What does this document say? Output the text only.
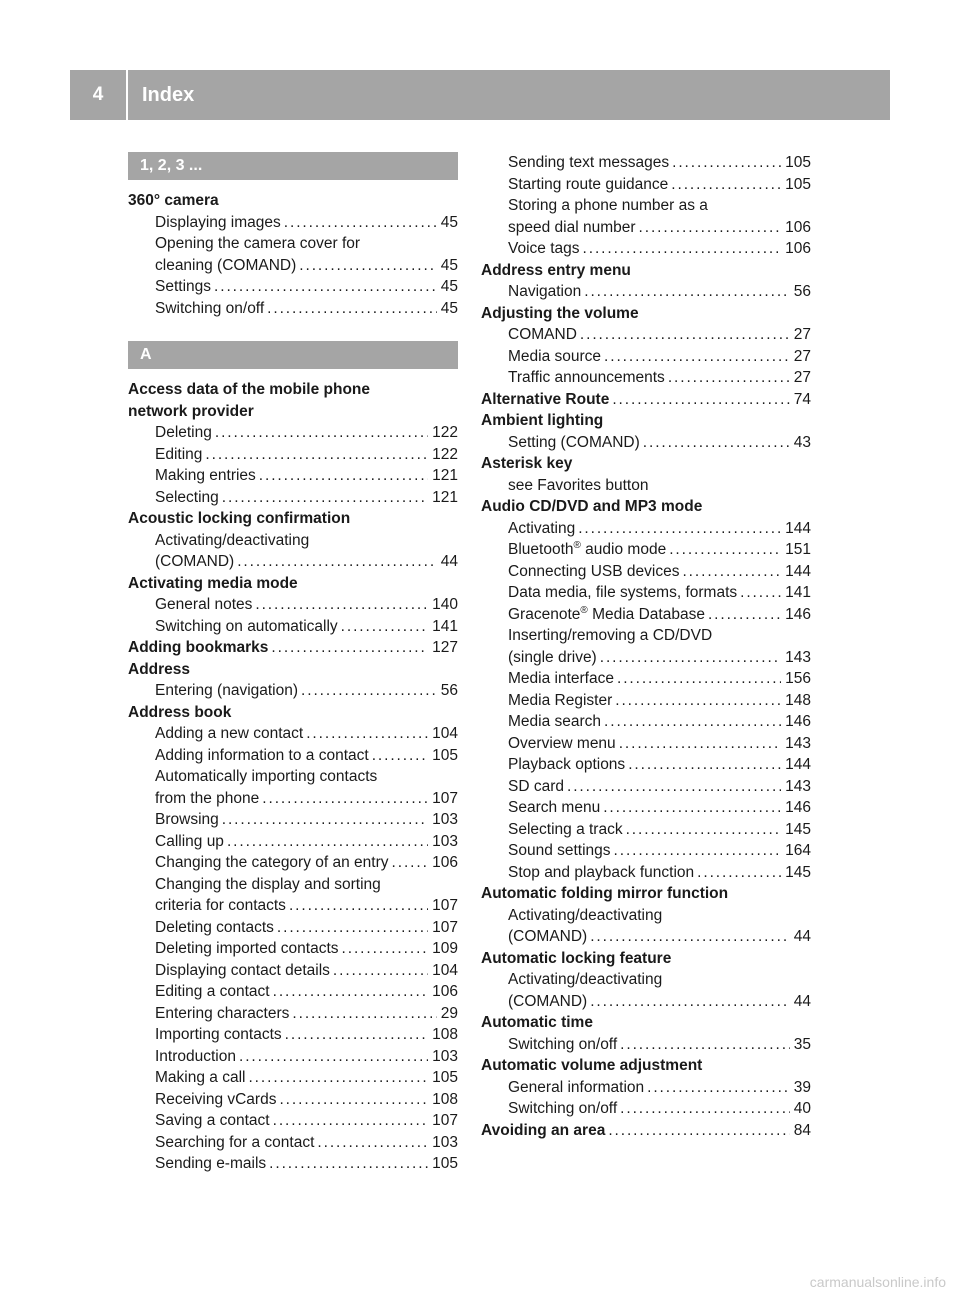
4	Index
1, 2, 3 ...
360° camera
Displaying images . . .	45
Opening the camera cover for
cleaning (COMAND) . . .	45
Settings . . .	45
Switching on/off . . .	45
A
Access data of the mobile phone
network provider
Deleting . . .	122
Editing . . .	122
Making entries . . .	121
Selecting . . .	121
Acoustic locking confirmation
Activating/deactivating
(COMAND) . . .	44
Activating media mode
General notes . . .	140
Switching on automatically . . .	141
Adding bookmarks . . .	127
Address
Entering (navigation) . . .	56
Address book
Adding a new contact . . .	104
Adding information to a contact . . .	105
Automatically importing contacts
from the phone . . .	107
Browsing . . .	103
Calling up . . .	103
Changing the category of an entry . . .	106
Changing the display and sorting
criteria for contacts . . .	107
Deleting contacts . . .	107
Deleting imported contacts . . .	109
Displaying contact details . . .	104
Editing a contact . . .	106
Entering characters . . .	29
Importing contacts . . .	108
Introduction . . .	103
Making a call . . .	105
Receiving vCards . . .	108
Saving a contact . . .	107
Searching for a contact . . .	103
Sending e-mails . . .	105
Sending text messages . . .	105
Starting route guidance . . .	105
Storing a phone number as a
speed dial number . . .	106
Voice tags . . .	106
Address entry menu
Navigation . . .	56
Adjusting the volume
COMAND . . .	27
Media source . . .	27
Traffic announcements . . .	27
Alternative Route . . .	74
Ambient lighting
Setting (COMAND) . . .	43
Asterisk key
see Favorites button
Audio CD/DVD and MP3 mode
Activating . . .	144
Bluetooth® audio mode . . .	151
Connecting USB devices . . .	144
Data media, file systems, formats . . .	141
Gracenote® Media Database . . .	146
Inserting/removing a CD/DVD
(single drive) . . .	143
Media interface . . .	156
Media Register . . .	148
Media search . . .	146
Overview menu . . .	143
Playback options . . .	144
SD card . . .	143
Search menu . . .	146
Selecting a track . . .	145
Sound settings . . .	164
Stop and playback function . . .	145
Automatic folding mirror function
Activating/deactivating
(COMAND) . . .	44
Automatic locking feature
Activating/deactivating
(COMAND) . . .	44
Automatic time
Switching on/off . . .	35
Automatic volume adjustment
General information . . .	39
Switching on/off . . .	40
Avoiding an area . . .	84
carmanualsonline.info
